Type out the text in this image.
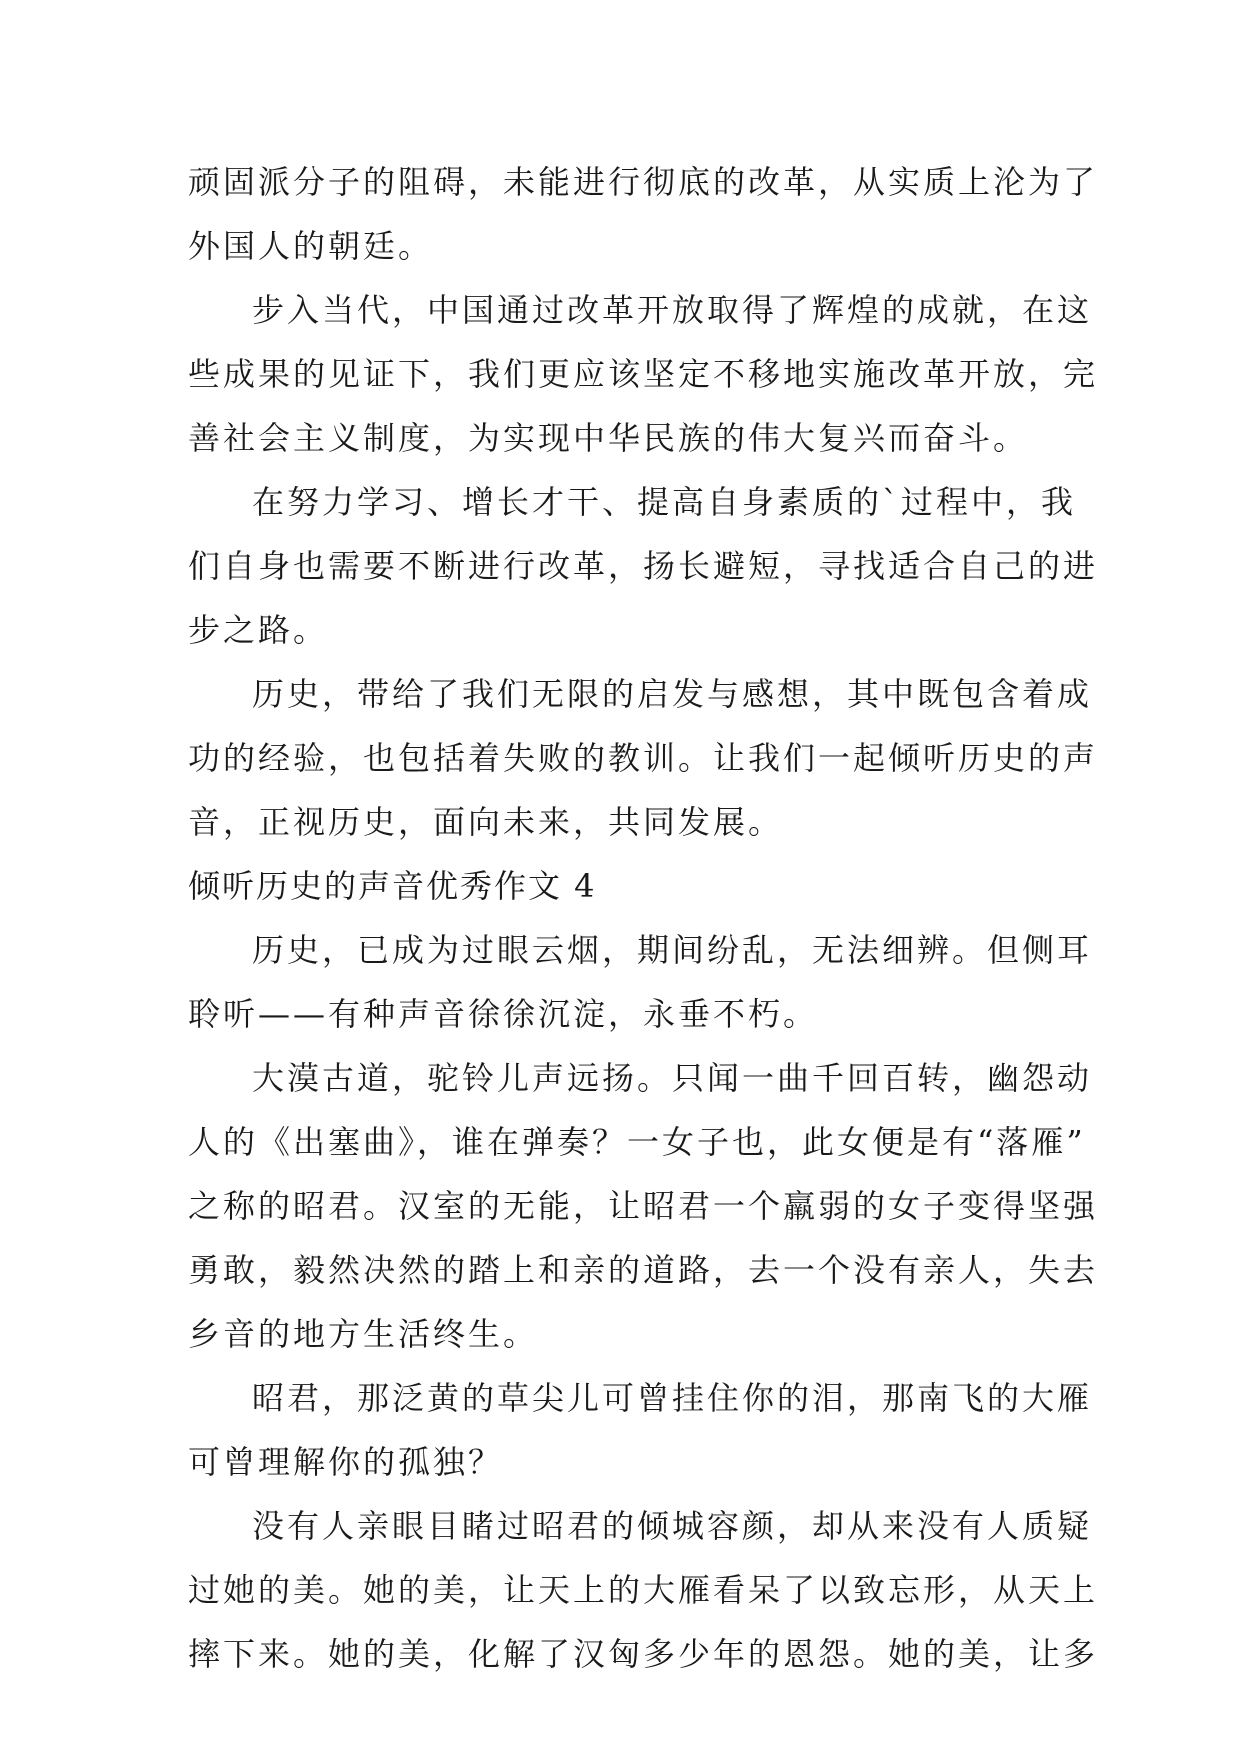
顽固派分子的阻碍，未能进行彻底的改革，从实质上沦为了

外国人的朝廷。

步入当代，中国通过改革开放取得了辉煌的成就，在这

些成果的见证下，我们更应该坚定不移地实施改革开放，完

善社会主义制度，为实现中华民族的伟大复兴而奋斗。

在努力学习、增长才干、提高自身素质的`过程中，我

们自身也需要不断进行改革，扬长避短，寻找适合自己的进

步之路。

历史，带给了我们无限的启发与感想，其中既包含着成

功的经验，也包括着失败的教训。让我们一起倾听历史的声

音，正视历史，面向未来，共同发展。

倾听历史的声音优秀作文 4

历史，已成为过眼云烟，期间纷乱，无法细辨。但侧耳

聆听——有种声音徐徐沉淀，永垂不朽。

大漠古道，驼铃儿声远扬。只闻一曲千回百转，幽怨动

人的《出塞曲》，谁在弹奏？一女子也，此女便是有“落雁”

之称的昭君。汉室的无能，让昭君一个羸弱的女子变得坚强

勇敢，毅然决然的踏上和亲的道路，去一个没有亲人，失去

乡音的地方生活终生。

昭君，那泛黄的草尖儿可曾挂住你的泪，那南飞的大雁

可曾理解你的孤独？

没有人亲眼目睹过昭君的倾城容颜，却从来没有人质疑

过她的美。她的美，让天上的大雁看呆了以致忘形，从天上

摔下来。她的美，化解了汉匈多少年的恩怨。她的美，让多
